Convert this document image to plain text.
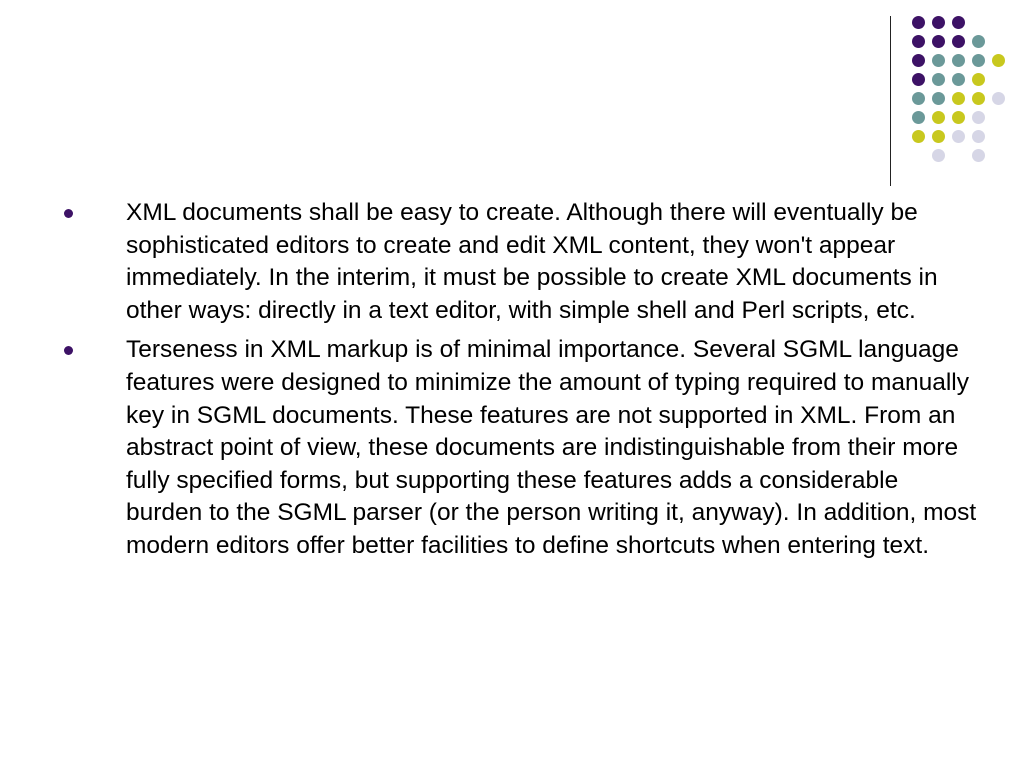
XML documents shall be easy to create. Although there will eventually be sophisticated editors to create and edit XML content, they won't appear immediately. In the interim, it must be possible to create XML documents in other ways: directly in a text editor, with simple shell and Perl scripts, etc.
Terseness in XML markup is of minimal importance. Several SGML language features were designed to minimize the amount of typing required to manually key in SGML documents. These features are not supported in XML. From an abstract point of view, these documents are indistinguishable from their more fully specified forms, but supporting these features adds a considerable burden to the SGML parser (or the person writing it, anyway). In addition, most modern editors offer better facilities to define shortcuts when entering text.
